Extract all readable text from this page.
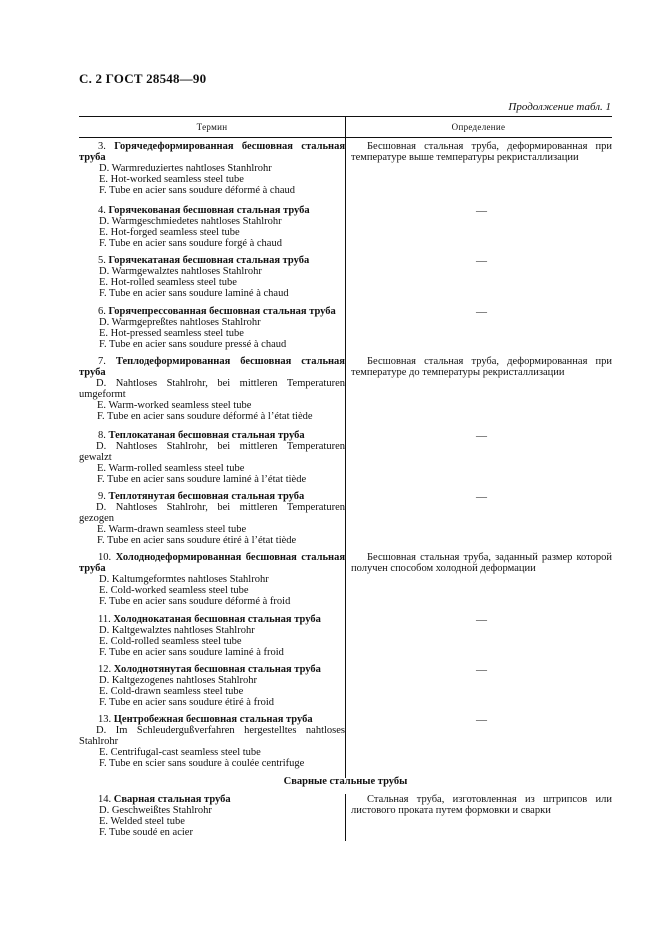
С. 2 ГОСТ 28548—90
Продолжение табл. 1
Термин	Определение
3. Горячедеформированная бесшовная стальная
труба
D. Warmreduziertes nahtloses Stanhlrohr
E. Hot-worked seamless steel tube
F. Tube en acier sans soudure déformé à chaud
Бесшовная стальная труба, деформированная при температуре выше температуры рекристаллизации
4. Горячекованая бесшовная стальная труба
D. Warmgeschmiedetes nahtloses Stahlrohr
E. Hot-forged seamless steel tube
F. Tube en acier sans soudure forgé à chaud
—
5. Горячекатаная бесшовная стальная труба
D. Warmgewalztes nahtloses Stahlrohr
E. Hot-rolled seamless steel tube
F. Tube en acier sans soudure laminé à chaud
—
6. Горячепрессованная бесшовная стальная труба
D. Warmgepreßtes nahtloses Stahlrohr
E. Hot-pressed seamless steel tube
F. Tube en acier sans soudure pressé à chaud
—
7. Теплодеформированная бесшовная стальная
труба
D. Nahtloses Stahlrohr, bei mittleren Temperaturen
umgeformt
E. Warm-worked seamless steel tube
F. Tube en acier sans soudure déformé à l’état tiède
Бесшовная стальная труба, деформированная при температуре до температуры рекристаллизации
8. Теплокатаная бесшовная стальная труба
D. Nahtloses Stahlrohr, bei mittleren Temperaturen
gewalzt
E. Warm-rolled seamless steel tube
F. Tube en acier sans soudure laminé à l’état tiède
—
9. Теплотянутая бесшовная стальная труба
D. Nahtloses Stahlrohr, bei mittleren Temperaturen
gezogen
E. Warm-drawn seamless steel tube
F. Tube en acier sans soudure étiré à l’état tiède
—
10. Холоднодеформированная бесшовная стальная
труба
D. Kaltumgeformtes nahtloses Stahlrohr
E. Cold-worked seamless steel tube
F. Tube en acier sans soudure déformé à froid
Бесшовная стальная труба, заданный размер которой получен способом холодной деформации
11. Холоднокатаная бесшовная стальная труба
D. Kaltgewalztes nahtloses Stahlrohr
E. Cold-rolled seamless steel tube
F. Tube en acier sans soudure laminé à froid
—
12. Холоднотянутая бесшовная стальная труба
D. Kaltgezogenes nahtloses Stahlrohr
E. Cold-drawn seamless steel tube
F. Tube en acier sans soudure étiré à froid
—
13. Центробежная бесшовная стальная труба
D. Im Schleudergußverfahren hergestelltes nahtloses
Stahlrohr
E. Centrifugal-cast seamless steel tube
F. Tube en scier sans soudure à coulée centrifuge
—
Сварные стальные трубы
14. Сварная стальная труба
D. Geschweißtes Stahlrohr
E. Welded steel tube
F. Tube soudé en acier
Стальная труба, изготовленная из штрипсов или листового проката путем формовки и сварки
